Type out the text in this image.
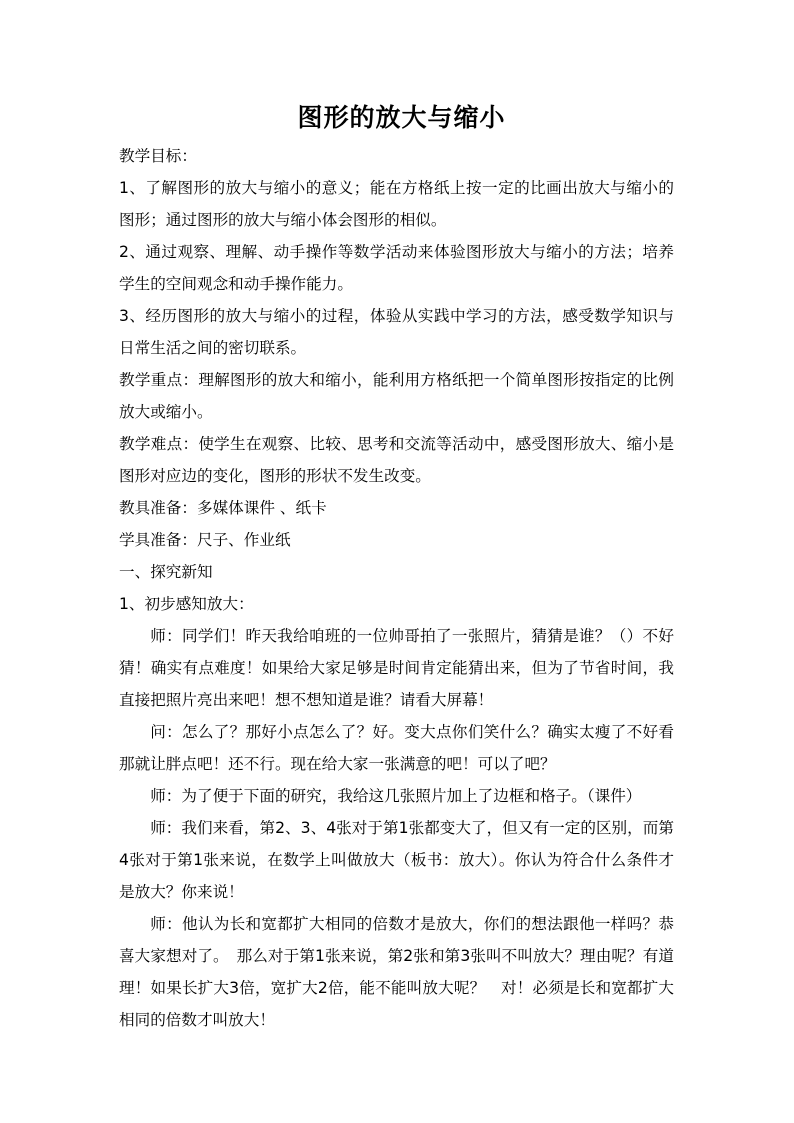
图形的放大与缩小

教学目标：

1、了解图形的放大与缩小的意义；能在方格纸上按一定的比画出放大与缩小的图形；通过图形的放大与缩小体会图形的相似。

2、通过观察、理解、动手操作等数学活动来体验图形放大与缩小的方法；培养学生的空间观念和动手操作能力。

3、经历图形的放大与缩小的过程，体验从实践中学习的方法，感受数学知识与日常生活之间的密切联系。

教学重点：理解图形的放大和缩小，能利用方格纸把一个简单图形按指定的比例放大或缩小。

教学难点：使学生在观察、比较、思考和交流等活动中，感受图形放大、缩小是图形对应边的变化，图形的形状不发生改变。

教具准备：多媒体课件 、纸卡

学具准备：尺子、作业纸

一、探究新知

1、初步感知放大：

师：同学们！昨天我给咱班的一位帅哥拍了一张照片，猜猜是谁？（）不好猜！确实有点难度！如果给大家足够是时间肯定能猜出来，但为了节省时间，我直接把照片亮出来吧！想不想知道是谁？请看大屏幕！

问：怎么了？那好小点怎么了？好。变大点你们笑什么？确实太瘦了不好看那就让胖点吧！还不行。现在给大家一张满意的吧！可以了吧？

师：为了便于下面的研究，我给这几张照片加上了边框和格子。（课件）

师：我们来看，第2、3、4张对于第1张都变大了，但又有一定的区别，而第4张对于第1张来说，在数学上叫做放大（板书：放大）。你认为符合什么条件才是放大？你来说！

师：他认为长和宽都扩大相同的倍数才是放大，你们的想法跟他一样吗？恭喜大家想对了。　那么对于第1张来说，第2张和第3张叫不叫放大？理由呢？有道理！如果长扩大3倍，宽扩大2倍，能不能叫放大呢？　对！必须是长和宽都扩大相同的倍数才叫放大！
